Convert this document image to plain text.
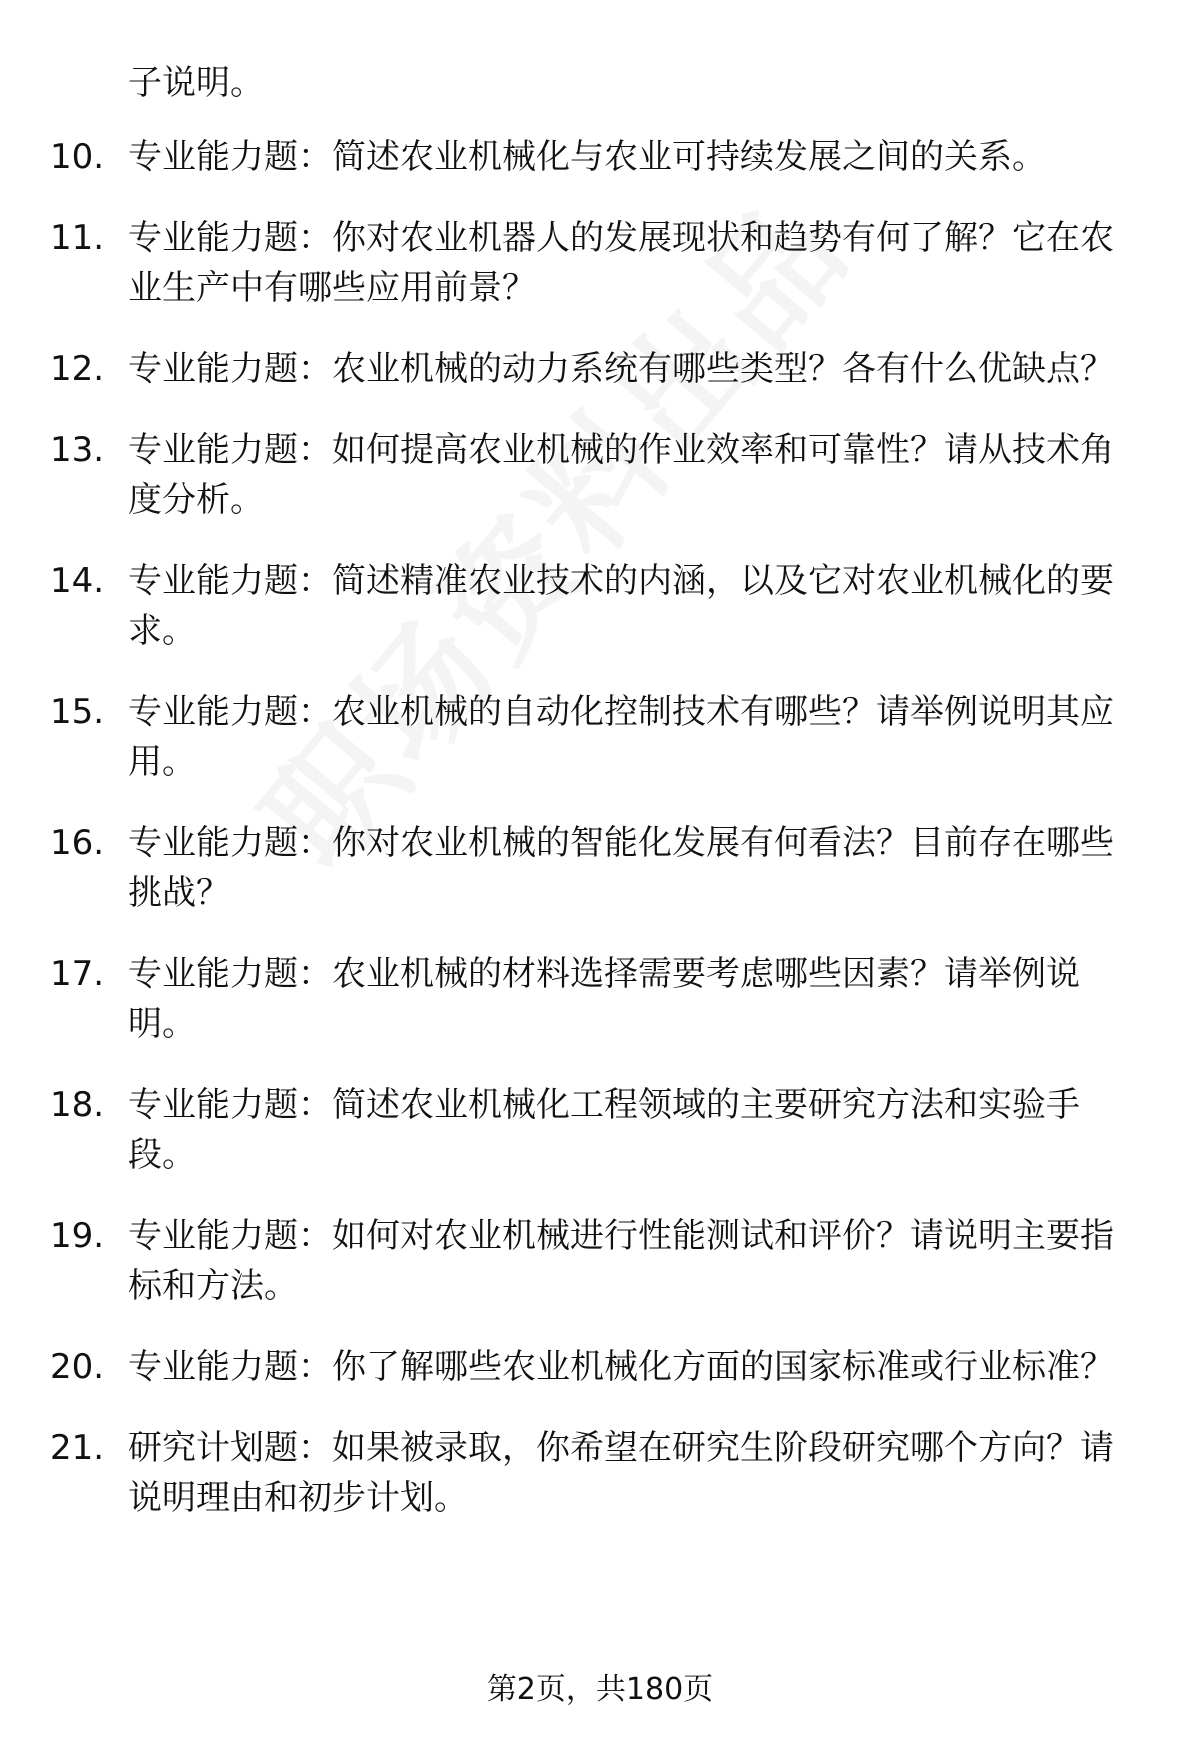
子说明。

10. 专业能力题：简述农业机械化与农业可持续发展之间的关系。
11. 专业能力题：你对农业机器人的发展现状和趋势有何了解？它在农业生产中有哪些应用前景？
12. 专业能力题：农业机械的动力系统有哪些类型？各有什么优缺点？
13. 专业能力题：如何提高农业机械的作业效率和可靠性？请从技术角度分析。
14. 专业能力题：简述精准农业技术的内涵，以及它对农业机械化的要求。
15. 专业能力题：农业机械的自动化控制技术有哪些？请举例说明其应用。
16. 专业能力题：你对农业机械的智能化发展有何看法？目前存在哪些挑战？
17. 专业能力题：农业机械的材料选择需要考虑哪些因素？请举例说明。
18. 专业能力题：简述农业机械化工程领域的主要研究方法和实验手段。
19. 专业能力题：如何对农业机械进行性能测试和评价？请说明主要指标和方法。
20. 专业能力题：你了解哪些农业机械化方面的国家标准或行业标准？
21. 研究计划题：如果被录取，你希望在研究生阶段研究哪个方向？请说明理由和初步计划。
第2页，共180页
